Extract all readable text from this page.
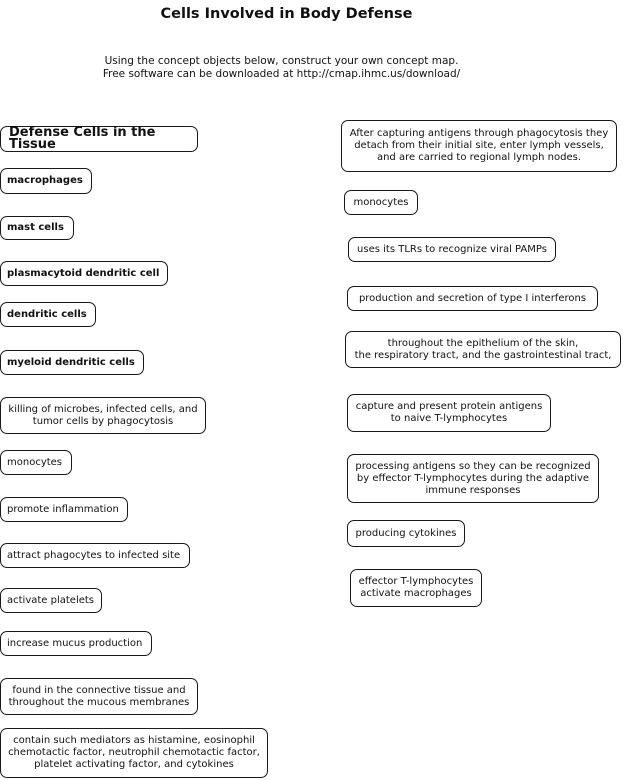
Cells Involved in Body Defense
Using the concept objects below, construct your own concept map.
Free software can be downloaded at http://cmap.ihmc.us/download/
Defense Cells in the Tissue
macrophages
mast cells
plasmacytoid dendritic cell
dendritic cells
myeloid dendritic cells
killing of microbes, infected cells, and
tumor cells by phagocytosis
monocytes
promote inflammation
attract phagocytes to infected site
activate platelets
increase mucus production
found in the connective tissue and
throughout the mucous membranes
contain such mediators as histamine, eosinophil
chemotactic factor, neutrophil chemotactic factor,
platelet activating factor, and cytokines
After capturing antigens through phagocytosis they
detach from their initial site, enter lymph vessels,
and are carried to regional lymph nodes.
monocytes
uses its TLRs to recognize viral PAMPs
production and secretion of type I interferons
throughout the epithelium of the skin,
the respiratory tract, and the gastrointestinal tract,
capture and present protein antigens
to naive T-lymphocytes
processing antigens so they can be recognized
by effector T-lymphocytes during the adaptive
immune responses
producing cytokines
effector T-lymphocytes
activate macrophages
